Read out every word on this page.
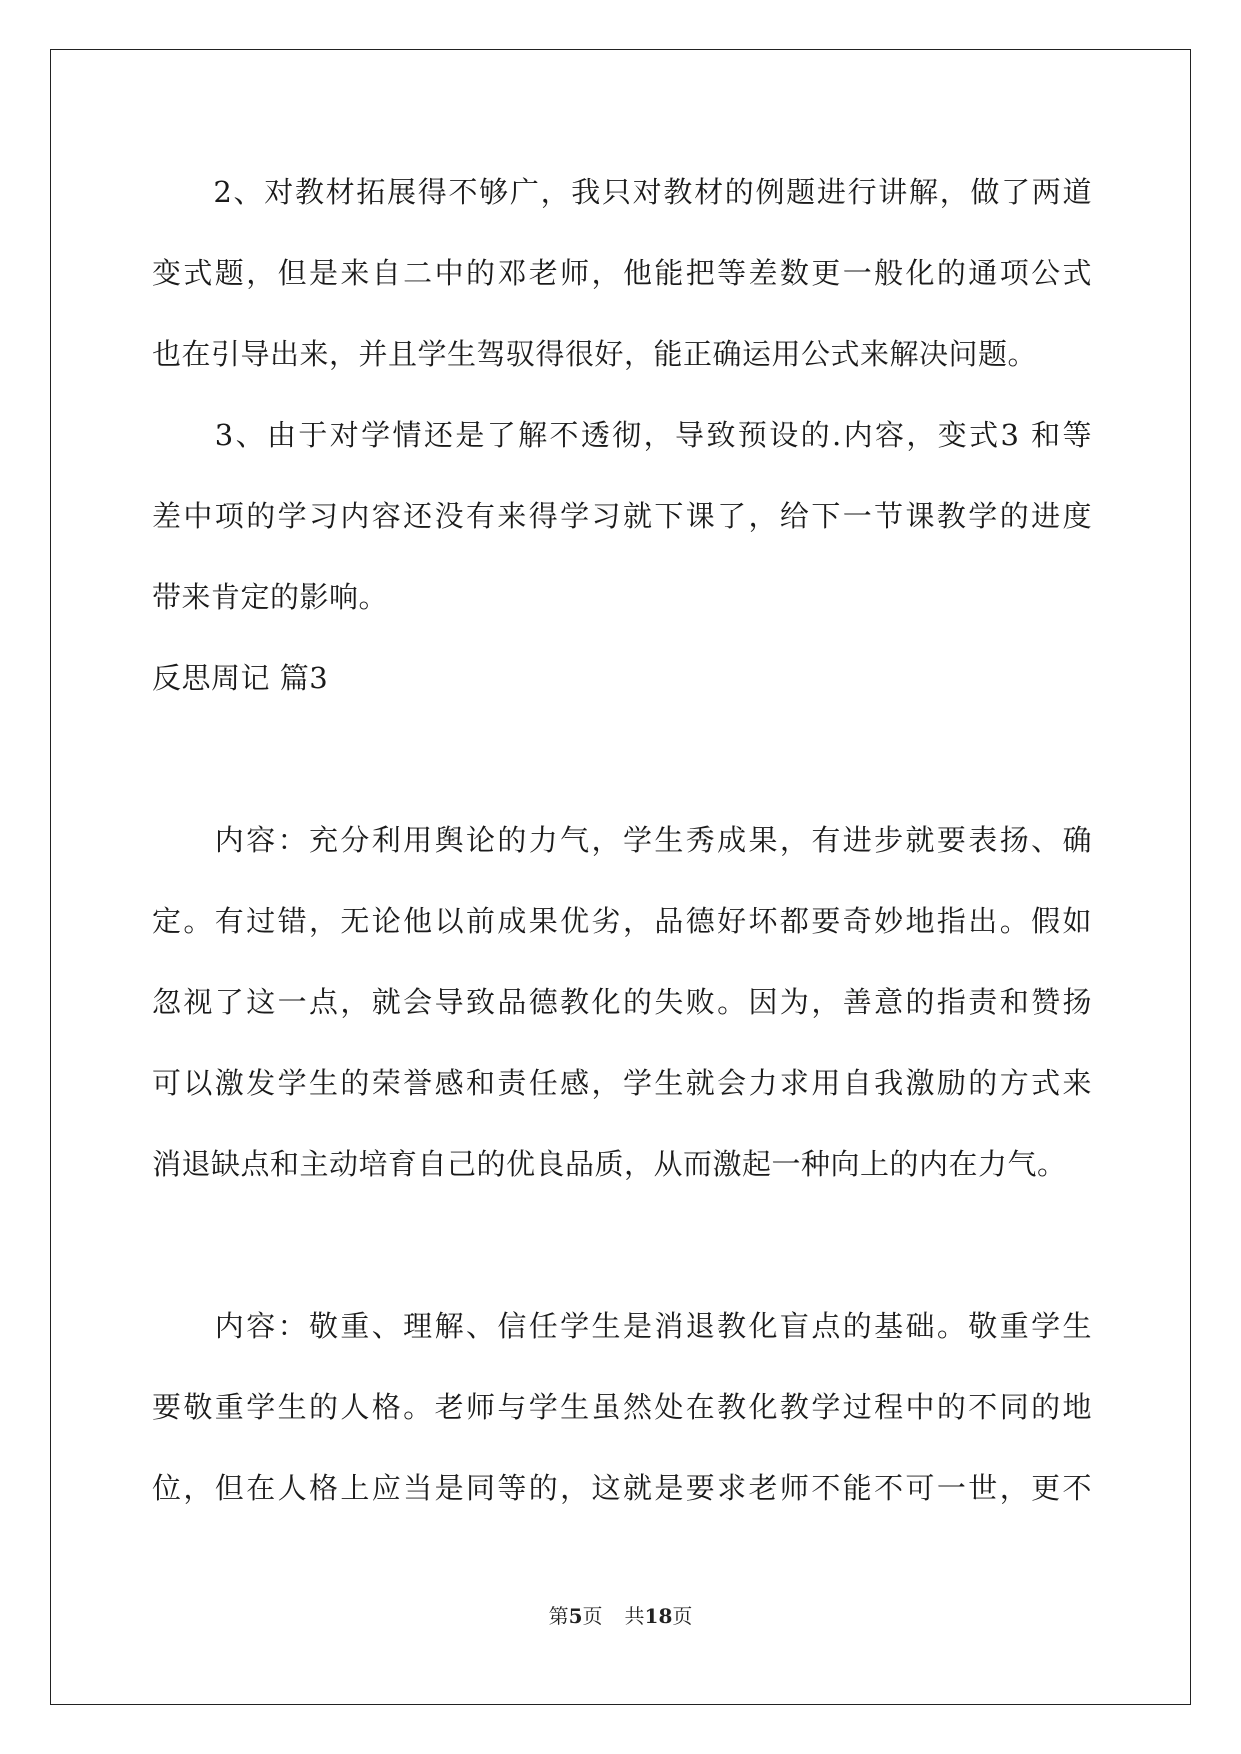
　　2、对教材拓展得不够广，我只对教材的例题进行讲解，做了两道
变式题，但是来自二中的邓老师，他能把等差数更一般化的通项公式
也在引导出来，并且学生驾驭得很好，能正确运用公式来解决问题。
　　3、由于对学情还是了解不透彻，导致预设的.内容，变式3 和等
差中项的学习内容还没有来得学习就下课了，给下一节课教学的进度
带来肯定的影响。
反思周记 篇3
　　内容：充分利用舆论的力气，学生秀成果，有进步就要表扬、确
定。有过错，无论他以前成果优劣，品德好坏都要奇妙地指出。假如
忽视了这一点，就会导致品德教化的失败。因为，善意的指责和赞扬
可以激发学生的荣誉感和责任感，学生就会力求用自我激励的方式来
消退缺点和主动培育自己的优良品质，从而激起一种向上的内在力气。
　　内容：敬重、理解、信任学生是消退教化盲点的基础。敬重学生
要敬重学生的人格。老师与学生虽然处在教化教学过程中的不同的地
位，但在人格上应当是同等的，这就是要求老师不能不可一世，更不
第5页 共18页
